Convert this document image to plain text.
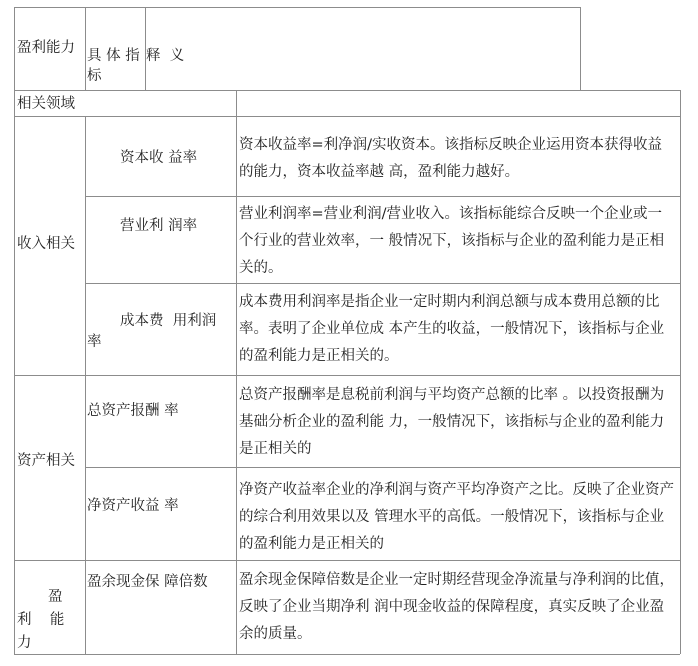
盈利能力 具 体 指
标
释  义
相关领域
收入相关
资产相关
盈
利    能
力
资本收 益率
资本收益率=利净润/实收资本。该指标反映企业运用资本获得收益的能力，资本收益率越 高，盈利能力越好。
营业利 润率
营业利润率=营业利润/营业收入。该指标能综合反映一个企业或一个行业的营业效率，一 般情况下，该指标与企业的盈利能力是正相关的。
成本费  用利润
率
成本费用利润率是指企业一定时期内利润总额与成本费用总额的比率。表明了企业单位成 本产生的收益，一般情况下，该指标与企业的盈利能力是正相关的。
总资产报酬 率
总资产报酬率是息税前利润与平均资产总额的比率 。以投资报酬为基础分析企业的盈利能 力，一般情况下，该指标与企业的盈利能力是正相关的
净资产收益 率
净资产收益率企业的净利润与资产平均净资产之比。反映了企业资产的综合利用效果以及 管理水平的高低。一般情况下，该指标与企业的盈利能力是正相关的
盈余现金保 障倍数 盈余现金保障倍数是企业一定时期经营现金净流量与净利润的比值，反映了企业当期净利 润中现金收益的保障程度，真实反映了企业盈余的质量。
